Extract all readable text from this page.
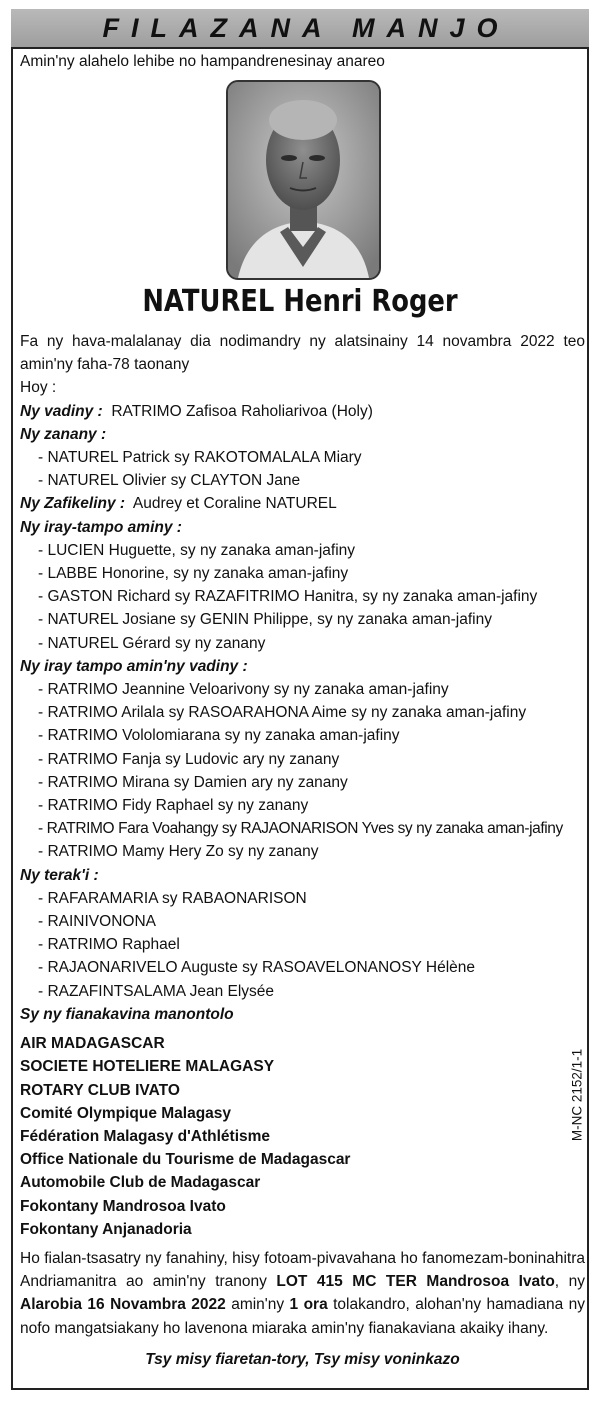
FILAZANA MANJO
Amin'ny alahelo lehibe no hampandrenesinay anareo
NATUREL Henri Roger

Fa ny hava-malalanay dia nodimandry ny alatsinainy 14 novambra 2022 teo amin'ny faha-78 taonany

Hoy :

Ny vadiny : RATRIMO Zafisoa Raholiarivoa (Holy)

Ny zanany :

- NATUREL Patrick sy RAKOTOMALALA Miary

- NATUREL Olivier sy CLAYTON Jane

Ny Zafikeliny : Audrey et Coraline NATUREL

Ny iray-tampo aminy :

- LUCIEN Huguette, sy ny zanaka aman-jafiny

- LABBE Honorine, sy ny zanaka aman-jafiny

- GASTON Richard sy RAZAFITRIMO Hanitra, sy ny zanaka aman-jafiny

- NATUREL Josiane sy GENIN Philippe, sy ny zanaka aman-jafiny

- NATUREL Gérard sy ny zanany

Ny iray tampo amin'ny vadiny :

- RATRIMO Jeannine Veloarivony sy ny zanaka aman-jafiny

- RATRIMO Arilala sy RASOARAHONA Aime sy ny zanaka aman-jafiny

- RATRIMO Vololomiarana sy ny zanaka aman-jafiny

- RATRIMO Fanja sy Ludovic ary ny zanany

- RATRIMO Mirana sy Damien ary ny zanany

- RATRIMO Fidy Raphael sy ny zanany

- RATRIMO Fara Voahangy sy RAJAONARISON Yves sy ny zanaka aman-jafiny

- RATRIMO Mamy Hery Zo sy ny zanany

Ny terak'i :

- RAFARAMARIA sy RABAONARISON

- RAINIVONONA

- RATRIMO Raphael

- RAJAONARIVELO Auguste sy RASOAVELONANOSY Hélène

- RAZAFINTSALAMA Jean Elysée

Sy ny fianakavina manontolo

AIR MADAGASCAR

SOCIETE HOTELIERE MALAGASY

ROTARY CLUB IVATO

Comité Olympique Malagasy

Fédération Malagasy d'Athlétisme

Office Nationale du Tourisme de Madagascar

Automobile Club de Madagascar

Fokontany Mandrosoa Ivato

Fokontany Anjanadoria

Ho fialan-tsasatry ny fanahiny, hisy fotoam-pivavahana ho fanomezam-boninahitra Andriamanitra ao amin'ny tranony LOT 415 MC TER Mandrosoa Ivato, ny Alarobia 16 Novambra 2022 amin'ny 1 ora tolakandro, alohan'ny hamadiana ny nofo mangatsiakany ho lavenona miaraka amin'ny fianakaviana akaiky ihany.

Tsy misy fiaretan-tory, Tsy misy voninkazo

M-NC 2152/1-1
